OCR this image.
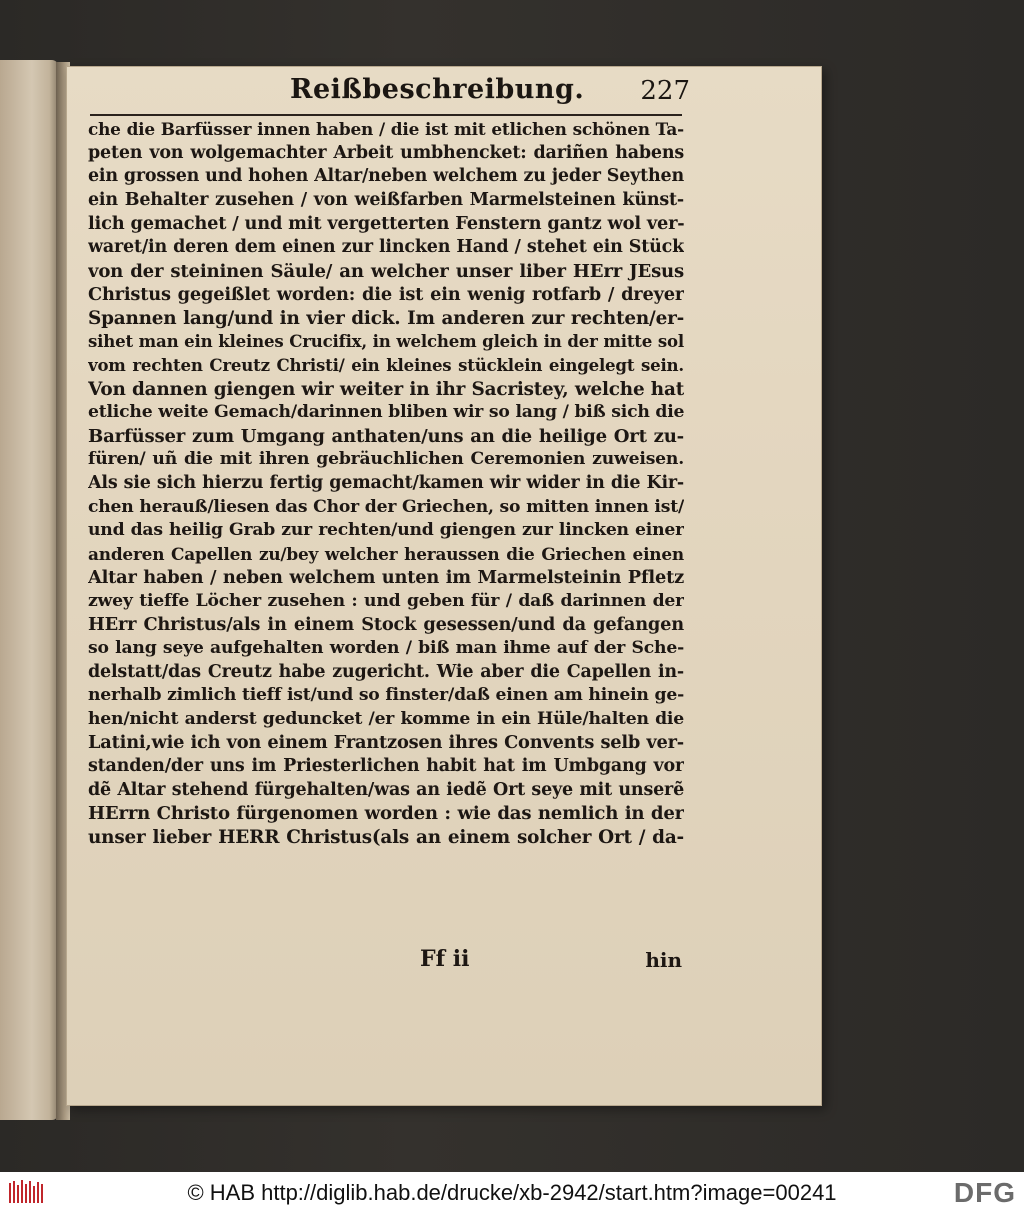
Reißbeschreibung. 227
che die Barfüsser innen haben / die ist mit etlichen schönen Ta-
peten von wolgemachter Arbeit umbhencket: dariñen habens
ein grossen und hohen Altar/neben welchem zu jeder Seythen
ein Behalter zusehen / von weißfarben Marmelsteinen künst-
lich gemachet / und mit vergetterten Fenstern gantz wol ver-
waret/in deren dem einen zur lincken Hand / stehet ein Stück
von der steininen Säule/ an welcher unser liber HErr JEsus
Christus gegeißlet worden: die ist ein wenig rotfarb / dreyer
Spannen lang/und in vier dick. Im anderen zur rechten/er-
sihet man ein kleines Crucifix, in welchem gleich in der mitte sol
vom rechten Creutz Christi/ ein kleines stücklein eingelegt sein.
Von dannen giengen wir weiter in ihr Sacristey, welche hat
etliche weite Gemach/darinnen bliben wir so lang / biß sich die
Barfüsser zum Umgang anthaten/uns an die heilige Ort zu-
füren/ uñ die mit ihren gebräuchlichen Ceremonien zuweisen.
Als sie sich hierzu fertig gemacht/kamen wir wider in die Kir-
chen herauß/liesen das Chor der Griechen, so mitten innen ist/
und das heilig Grab zur rechten/und giengen zur lincken einer
anderen Capellen zu/bey welcher heraussen die Griechen einen
Altar haben / neben welchem unten im Marmelsteinin Pfletz
zwey tieffe Löcher zusehen : und geben für / daß darinnen der
HErr Christus/als in einem Stock gesessen/und da gefangen
so lang seye aufgehalten worden / biß man ihme auf der Sche-
delstatt/das Creutz habe zugericht. Wie aber die Capellen in-
nerhalb zimlich tieff ist/und so finster/daß einen am hinein ge-
hen/nicht anderst geduncket /er komme in ein Hüle/halten die
Latini,wie ich von einem Frantzosen ihres Convents selb ver-
standen/der uns im Priesterlichen habit hat im Umbgang vor
dẽ Altar stehend fürgehalten/was an iedẽ Ort seye mit unserẽ
HErrn Christo fürgenomen worden : wie das nemlich in der
unser lieber HERR Christus(als an einem solcher Ort / da-
Ff ii	hin
© HAB http://diglib.hab.de/drucke/xb-2942/start.htm?image=00241	DFG
